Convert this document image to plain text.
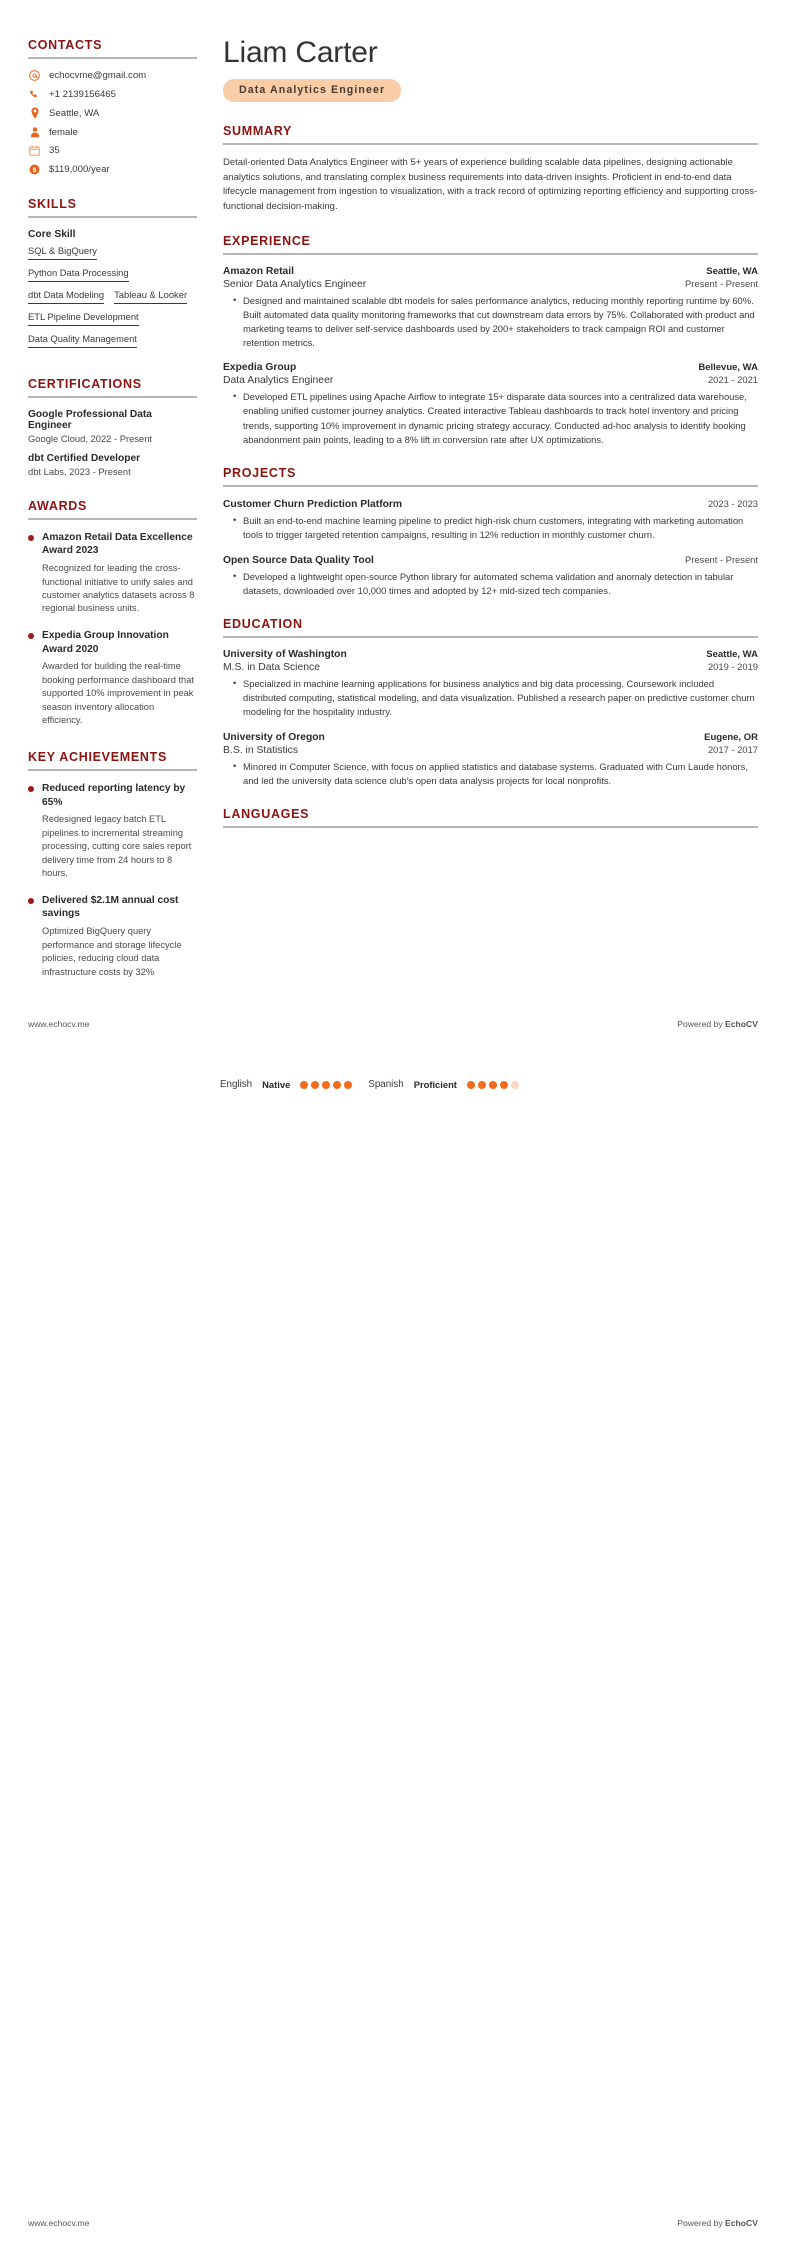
CONTACTS
echocvme@gmail.com
+1 2139156465
Seattle, WA
female
35
$ $119,000/year
SKILLS
Core Skill
SQL & BigQuery
Python Data Processing
dbt Data Modeling Tableau & Looker
ETL Pipeline Development
Data Quality Management
CERTIFICATIONS
Google Professional Data Engineer
Google Cloud, 2022 - Present
dbt Certified Developer
dbt Labs, 2023 - Present
AWARDS
Amazon Retail Data Excellence Award 2023
Recognized for leading the cross-functional initiative to unify sales and customer analytics datasets across 8 regional business units.
Expedia Group Innovation Award 2020
Awarded for building the real-time booking performance dashboard that supported 10% improvement in peak season inventory allocation efficiency.
KEY ACHIEVEMENTS
Reduced reporting latency by 65%
Redesigned legacy batch ETL pipelines to incremental streaming processing, cutting core sales report delivery time from 24 hours to 8 hours.
Delivered $2.1M annual cost savings
Optimized BigQuery query performance and storage lifecycle policies, reducing cloud data infrastructure costs by 32%
Liam Carter
Data Analytics Engineer
SUMMARY
Detail-oriented Data Analytics Engineer with 5+ years of experience building scalable data pipelines, designing actionable analytics solutions, and translating complex business requirements into data-driven insights. Proficient in end-to-end data lifecycle management from ingestion to visualization, with a track record of optimizing reporting efficiency and supporting cross-functional decision-making.
EXPERIENCE
Amazon Retail	Seattle, WA
Senior Data Analytics Engineer	Present - Present
• Designed and maintained scalable dbt models for sales performance analytics, reducing monthly reporting runtime by 60%. Built automated data quality monitoring frameworks that cut downstream data errors by 75%. Collaborated with product and marketing teams to deliver self-service dashboards used by 200+ stakeholders to track campaign ROI and customer retention metrics.
Expedia Group	Bellevue, WA
Data Analytics Engineer	2021 - 2021
• Developed ETL pipelines using Apache Airflow to integrate 15+ disparate data sources into a centralized data warehouse, enabling unified customer journey analytics. Created interactive Tableau dashboards to track hotel inventory and pricing trends, supporting 10% improvement in dynamic pricing strategy accuracy. Conducted ad-hoc analysis to identify booking abandonment pain points, leading to a 8% lift in conversion rate after UX optimizations.
PROJECTS
Customer Churn Prediction Platform	2023 - 2023
• Built an end-to-end machine learning pipeline to predict high-risk churn customers, integrating with marketing automation tools to trigger targeted retention campaigns, resulting in 12% reduction in monthly customer churn.
Open Source Data Quality Tool	Present - Present
• Developed a lightweight open-source Python library for automated schema validation and anomaly detection in tabular datasets, downloaded over 10,000 times and adopted by 12+ mid-sized tech companies.
EDUCATION
University of Washington	Seattle, WA
M.S. in Data Science	2019 - 2019
• Specialized in machine learning applications for business analytics and big data processing. Coursework included distributed computing, statistical modeling, and data visualization. Published a research paper on predictive customer churn modeling for the hospitality industry.
University of Oregon	Eugene, OR
B.S. in Statistics	2017 - 2017
• Minored in Computer Science, with focus on applied statistics and database systems. Graduated with Cum Laude honors, and led the university data science club's open data analysis projects for local nonprofits.
LANGUAGES
www.echocv.me	Powered by EchoCV
English Native	Spanish Proficient
www.echocv.me	Powered by EchoCV
